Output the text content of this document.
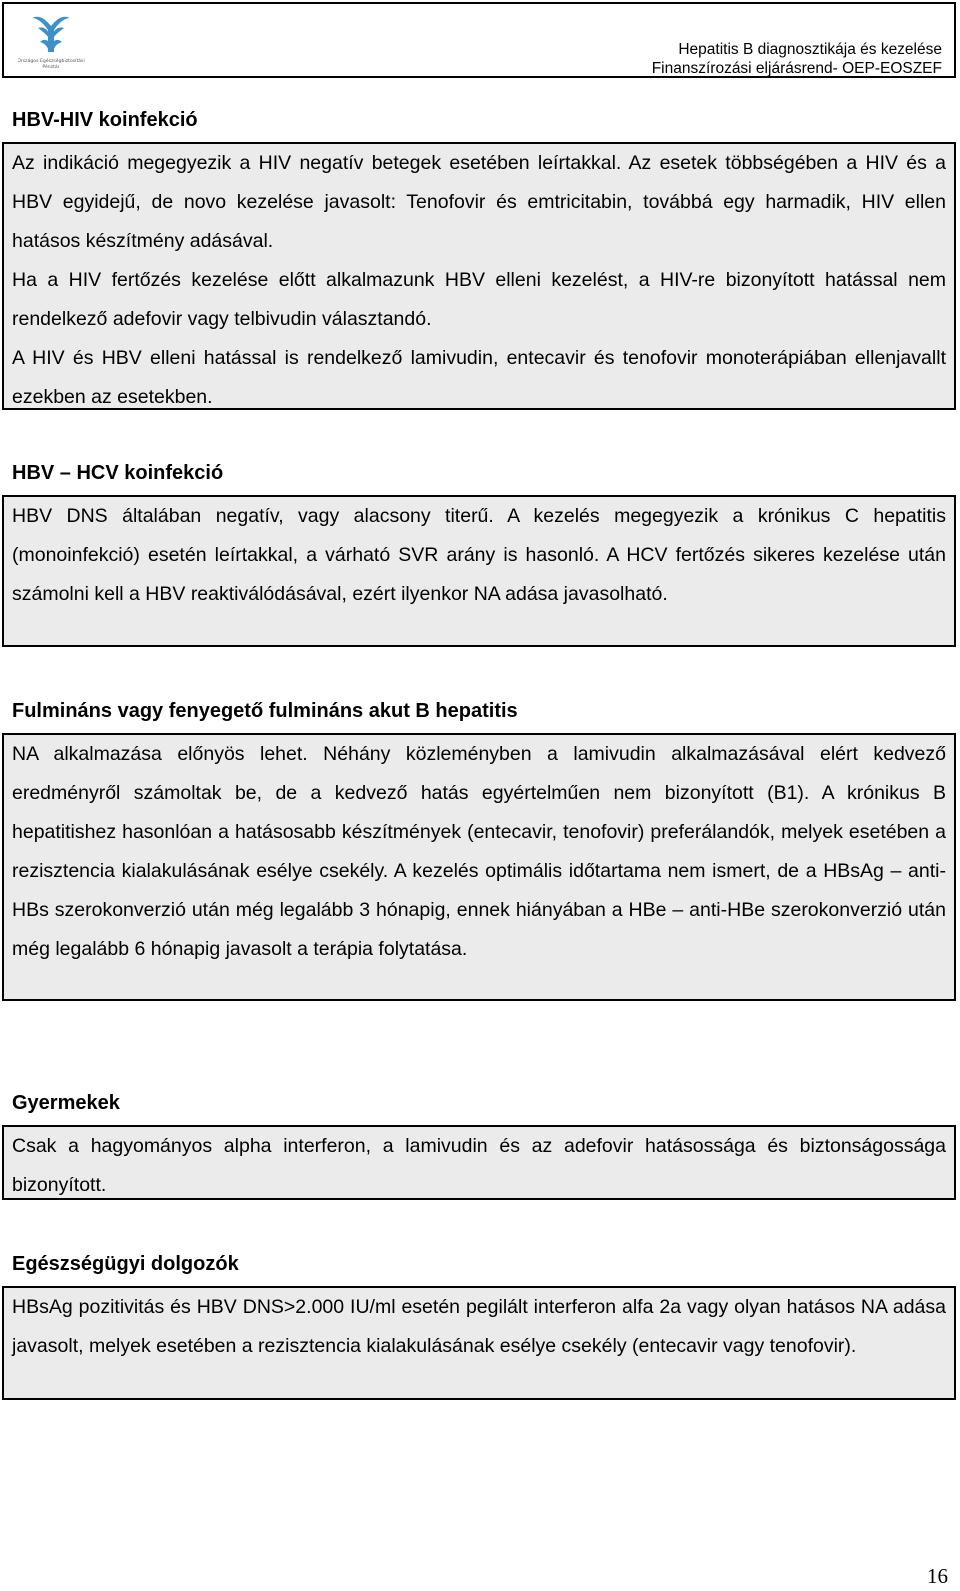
Országos Egészségbiztosítási
Pénztár
Hepatitis B diagnosztikája és kezelése
Finanszírozási eljárásrend- OEP-EOSZEF
HBV-HIV koinfekció

Az indikáció megegyezik a HIV negatív betegek esetében leírtakkal. Az esetek többségében a HIV és a HBV egyidejű, de novo kezelése javasolt: Tenofovir és emtricitabin, továbbá egy harmadik, HIV ellen hatásos készítmény adásával.

Ha a HIV fertőzés kezelése előtt alkalmazunk HBV elleni kezelést, a HIV-re bizonyított hatással nem rendelkező adefovir vagy telbivudin választandó.

A HIV és HBV elleni hatással is rendelkező lamivudin, entecavir és tenofovir monoterápiában ellenjavallt ezekben az esetekben.

HBV – HCV koinfekció

HBV DNS általában negatív, vagy alacsony titerű. A kezelés megegyezik a krónikus C hepatitis (monoinfekció) esetén leírtakkal, a várható SVR arány is hasonló. A HCV fertőzés sikeres kezelése után számolni kell a HBV reaktiválódásával, ezért ilyenkor NA adása javasolható.

Fulmináns vagy fenyegető fulmináns akut B hepatitis

NA alkalmazása előnyös lehet. Néhány közleményben a lamivudin alkalmazásával elért kedvező eredményről számoltak be, de a kedvező hatás egyértelműen nem bizonyított (B1). A krónikus B hepatitishez hasonlóan a hatásosabb készítmények (entecavir, tenofovir) preferálandók, melyek esetében a rezisztencia kialakulásának esélye csekély. A kezelés optimális időtartama nem ismert, de a HBsAg – anti-HBs szerokonverzió után még legalább 3 hónapig, ennek hiányában a HBe – anti-HBe szerokonverzió után még legalább 6 hónapig javasolt a terápia folytatása.

Gyermekek

Csak a hagyományos alpha interferon, a lamivudin és az adefovir hatásossága és biztonságossága bizonyított.

Egészségügyi dolgozók

HBsAg pozitivitás és HBV DNS>2.000 IU/ml esetén pegilált interferon alfa 2a vagy olyan hatásos NA adása javasolt, melyek esetében a rezisztencia kialakulásának esélye csekély (entecavir vagy tenofovir).

16
